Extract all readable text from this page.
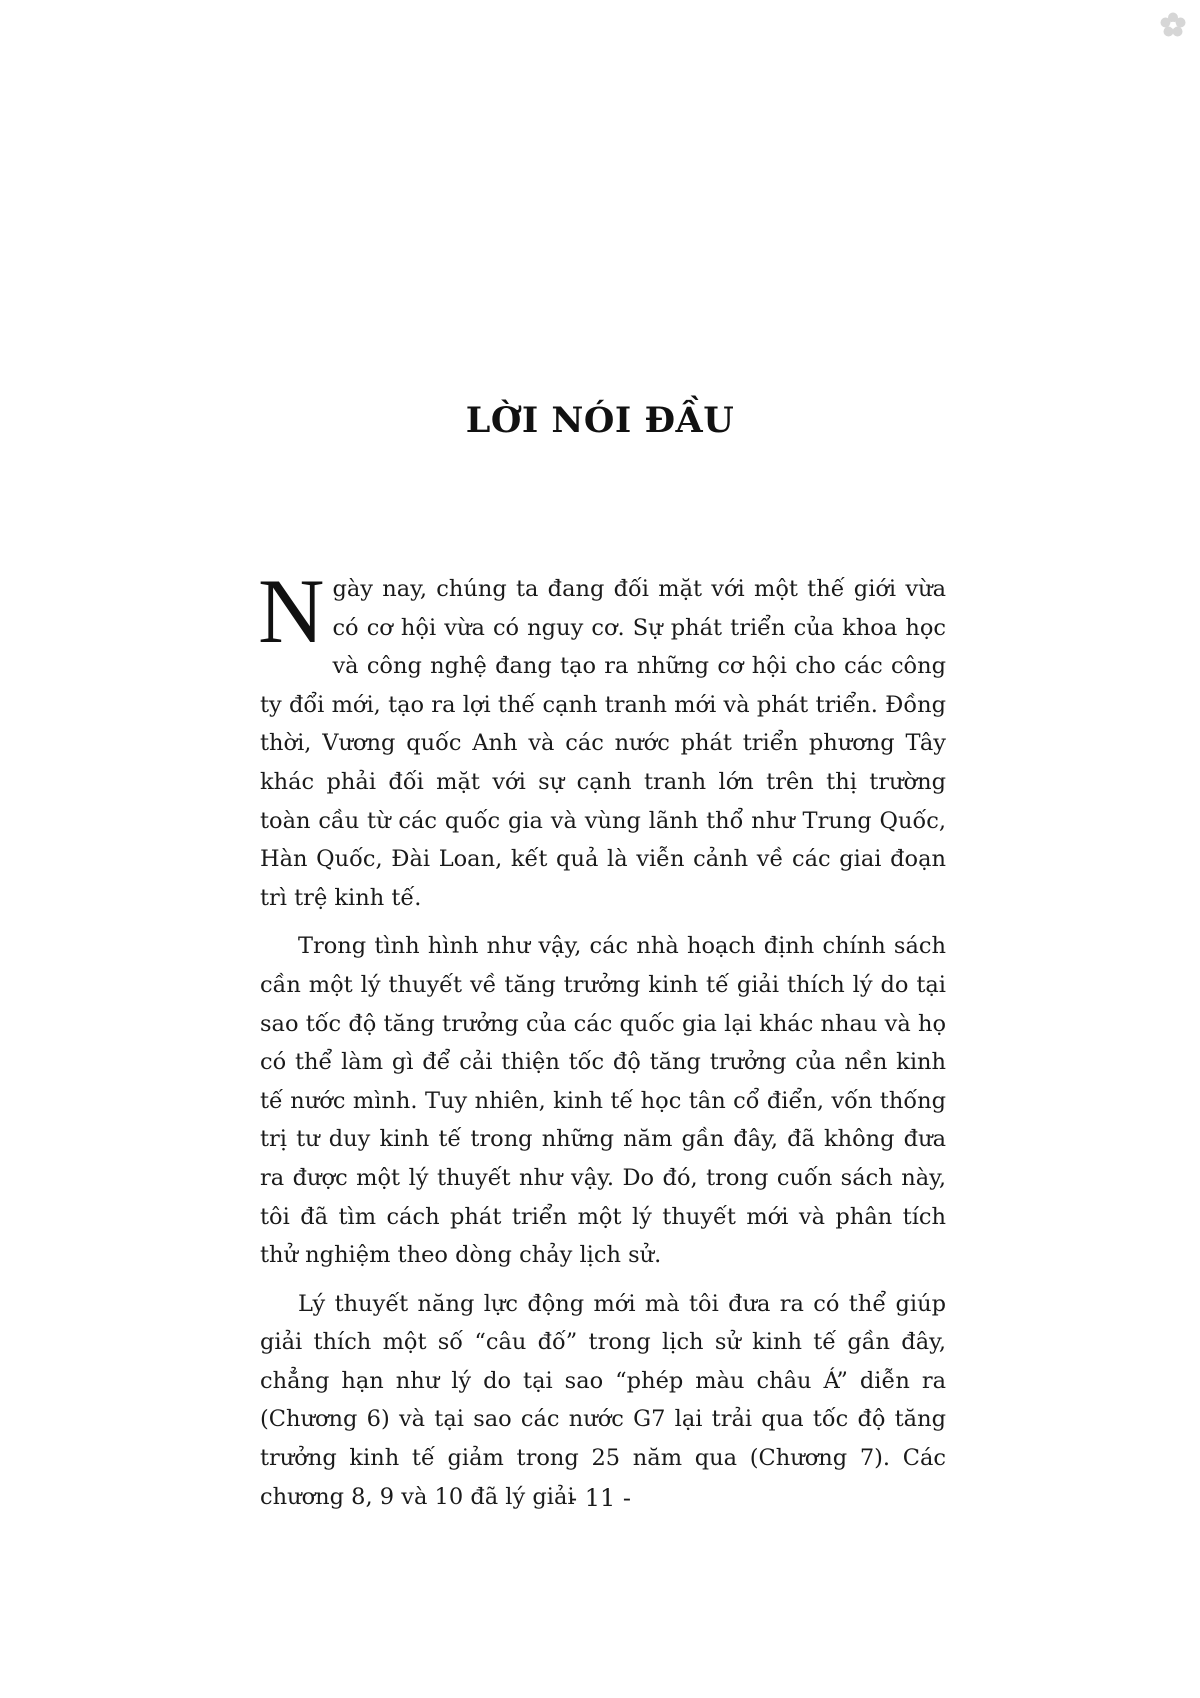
LỜI NÓI ĐẦU

Ngày nay, chúng ta đang đối mặt với một thế giới vừa có cơ hội vừa có nguy cơ. Sự phát triển của khoa học và công nghệ đang tạo ra những cơ hội cho các công ty đổi mới, tạo ra lợi thế cạnh tranh mới và phát triển. Đồng thời, Vương quốc Anh và các nước phát triển phương Tây khác phải đối mặt với sự cạnh tranh lớn trên thị trường toàn cầu từ các quốc gia và vùng lãnh thổ như Trung Quốc, Hàn Quốc, Đài Loan, kết quả là viễn cảnh về các giai đoạn trì trệ kinh tế.

Trong tình hình như vậy, các nhà hoạch định chính sách cần một lý thuyết về tăng trưởng kinh tế giải thích lý do tại sao tốc độ tăng trưởng của các quốc gia lại khác nhau và họ có thể làm gì để cải thiện tốc độ tăng trưởng của nền kinh tế nước mình. Tuy nhiên, kinh tế học tân cổ điển, vốn thống trị tư duy kinh tế trong những năm gần đây, đã không đưa ra được một lý thuyết như vậy. Do đó, trong cuốn sách này, tôi đã tìm cách phát triển một lý thuyết mới và phân tích thử nghiệm theo dòng chảy lịch sử.

Lý thuyết năng lực động mới mà tôi đưa ra có thể giúp giải thích một số “câu đố” trong lịch sử kinh tế gần đây, chẳng hạn như lý do tại sao “phép màu châu Á” diễn ra (Chương 6) và tại sao các nước G7 lại trải qua tốc độ tăng trưởng kinh tế giảm trong 25 năm qua (Chương 7). Các chương 8, 9 và 10 đã lý giải

- 11 -
